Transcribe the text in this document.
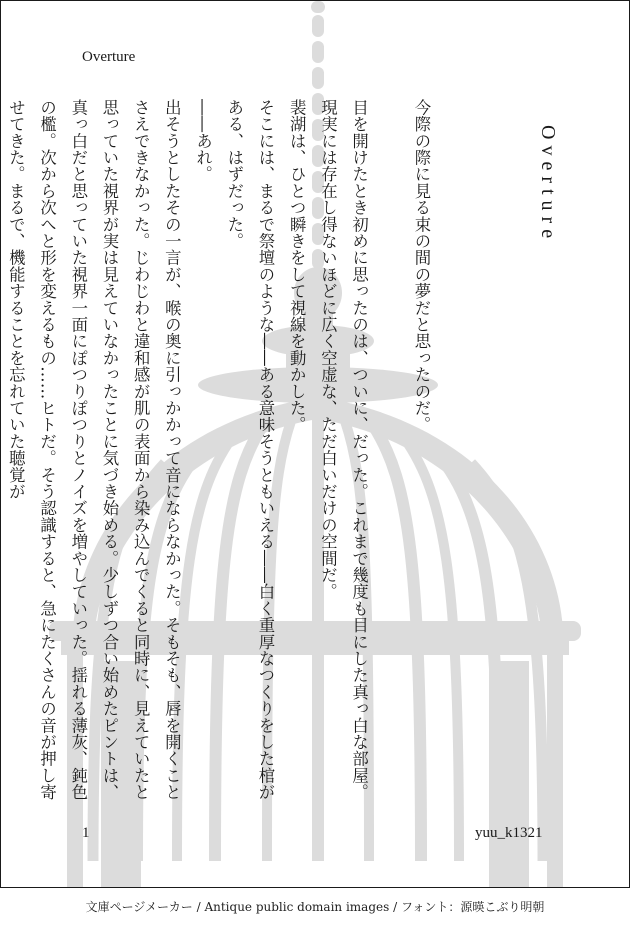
Overture
Overture

今際の際に見る束の間の夢だと思ったのだ。

目を開けたとき初めに思ったのは、ついに、だった。これまで幾度も目にした真っ白な部屋。現実には存在し得ないほどに広く空虚な、ただ白いだけの空間だ。

裴湖は、ひとつ瞬きをして視線を動かした。

そこには、まるで祭壇のような――ある意味そうともいえる――白く重厚なつくりをした棺がある、はずだった。

――あれ。

出そうとしたその一言が、喉の奥に引っかかって音にならなかった。そもそも、唇を開くことさえできなかった。じわじわと違和感が肌の表面から染み込んでくると同時に、見えていたと思っていた視界が実は見えていなかったことに気づき始める。少しずつ合い始めたピントは、真っ白だと思っていた視界一面にぽつりぽつりとノイズを増やしていった。揺れる薄灰、鈍色の檻。次から次へと形を変えるもの……ヒトだ。そう認識すると、急にたくさんの音が押し寄せてきた。まるで、機能することを忘れていた聴覚が

1	yuu_k1321
文庫ページメーカー / Antique public domain images / フォント：源暎こぶり明朝
